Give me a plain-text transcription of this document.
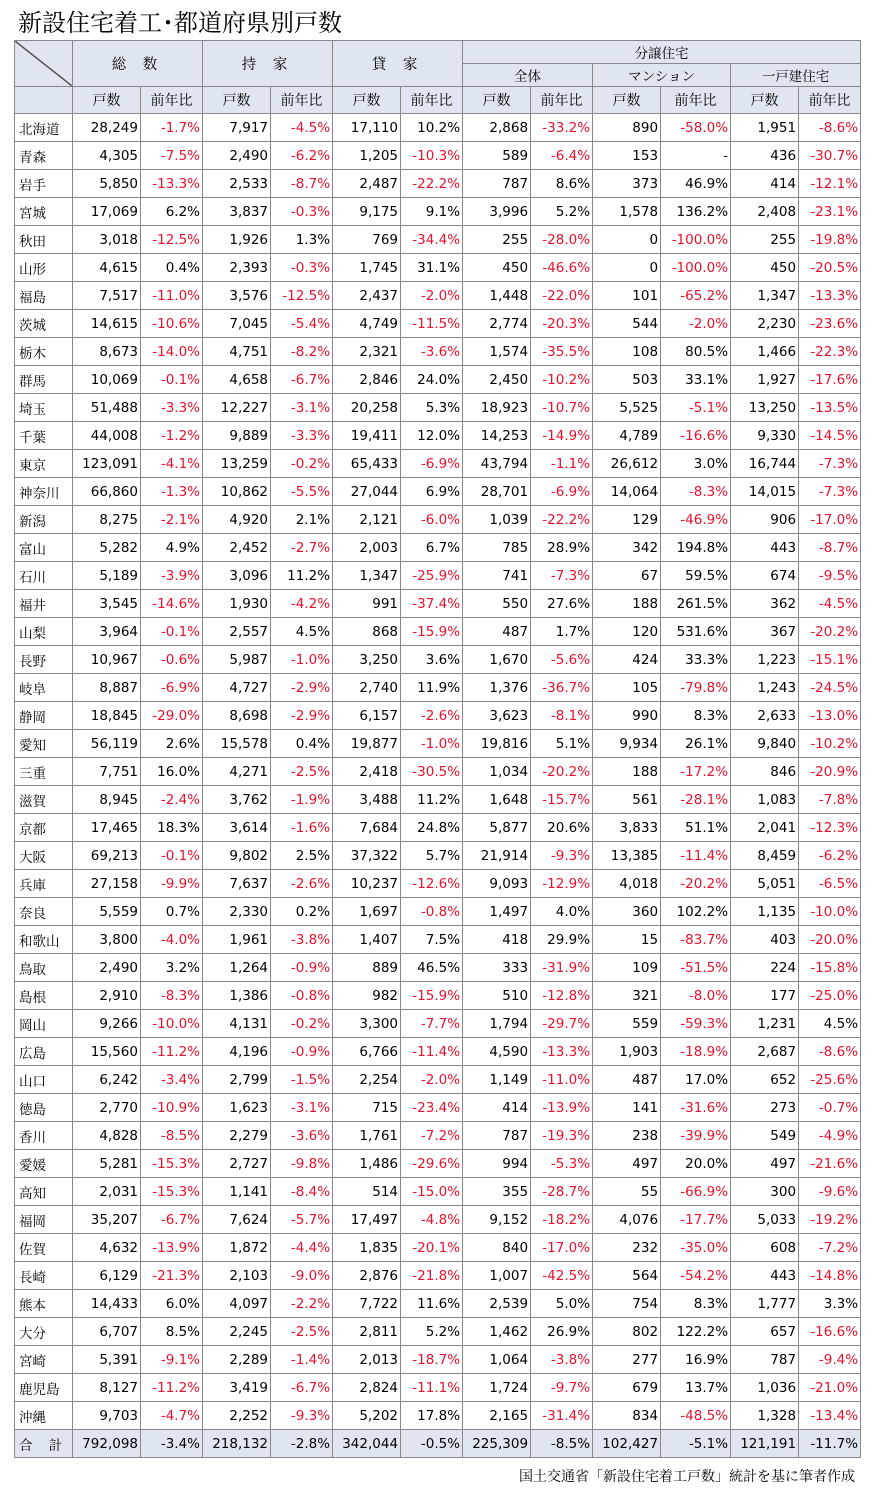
新設住宅着工･都道府県別戸数
	総 数		持 家		貸 家		分譲住宅					
							全体		マンション		一戸建住宅	
	戸数	前年比	戸数	前年比	戸数	前年比	戸数	前年比	戸数	前年比	戸数	前年比
北海道	28,249	-1.7%	7,917	-4.5%	17,110	10.2%	2,868	-33.2%	890	-58.0%	1,951	-8.6%
青森	4,305	-7.5%	2,490	-6.2%	1,205	-10.3%	589	-6.4%	153	-	436	-30.7%
岩手	5,850	-13.3%	2,533	-8.7%	2,487	-22.2%	787	8.6%	373	46.9%	414	-12.1%
宮城	17,069	6.2%	3,837	-0.3%	9,175	9.1%	3,996	5.2%	1,578	136.2%	2,408	-23.1%
秋田	3,018	-12.5%	1,926	1.3%	769	-34.4%	255	-28.0%	0	-100.0%	255	-19.8%
山形	4,615	0.4%	2,393	-0.3%	1,745	31.1%	450	-46.6%	0	-100.0%	450	-20.5%
福島	7,517	-11.0%	3,576	-12.5%	2,437	-2.0%	1,448	-22.0%	101	-65.2%	1,347	-13.3%
茨城	14,615	-10.6%	7,045	-5.4%	4,749	-11.5%	2,774	-20.3%	544	-2.0%	2,230	-23.6%
栃木	8,673	-14.0%	4,751	-8.2%	2,321	-3.6%	1,574	-35.5%	108	80.5%	1,466	-22.3%
群馬	10,069	-0.1%	4,658	-6.7%	2,846	24.0%	2,450	-10.2%	503	33.1%	1,927	-17.6%
埼玉	51,488	-3.3%	12,227	-3.1%	20,258	5.3%	18,923	-10.7%	5,525	-5.1%	13,250	-13.5%
千葉	44,008	-1.2%	9,889	-3.3%	19,411	12.0%	14,253	-14.9%	4,789	-16.6%	9,330	-14.5%
東京	123,091	-4.1%	13,259	-0.2%	65,433	-6.9%	43,794	-1.1%	26,612	3.0%	16,744	-7.3%
神奈川	66,860	-1.3%	10,862	-5.5%	27,044	6.9%	28,701	-6.9%	14,064	-8.3%	14,015	-7.3%
新潟	8,275	-2.1%	4,920	2.1%	2,121	-6.0%	1,039	-22.2%	129	-46.9%	906	-17.0%
富山	5,282	4.9%	2,452	-2.7%	2,003	6.7%	785	28.9%	342	194.8%	443	-8.7%
石川	5,189	-3.9%	3,096	11.2%	1,347	-25.9%	741	-7.3%	67	59.5%	674	-9.5%
福井	3,545	-14.6%	1,930	-4.2%	991	-37.4%	550	27.6%	188	261.5%	362	-4.5%
山梨	3,964	-0.1%	2,557	4.5%	868	-15.9%	487	1.7%	120	531.6%	367	-20.2%
長野	10,967	-0.6%	5,987	-1.0%	3,250	3.6%	1,670	-5.6%	424	33.3%	1,223	-15.1%
岐阜	8,887	-6.9%	4,727	-2.9%	2,740	11.9%	1,376	-36.7%	105	-79.8%	1,243	-24.5%
静岡	18,845	-29.0%	8,698	-2.9%	6,157	-2.6%	3,623	-8.1%	990	8.3%	2,633	-13.0%
愛知	56,119	2.6%	15,578	0.4%	19,877	-1.0%	19,816	5.1%	9,934	26.1%	9,840	-10.2%
三重	7,751	16.0%	4,271	-2.5%	2,418	-30.5%	1,034	-20.2%	188	-17.2%	846	-20.9%
滋賀	8,945	-2.4%	3,762	-1.9%	3,488	11.2%	1,648	-15.7%	561	-28.1%	1,083	-7.8%
京都	17,465	18.3%	3,614	-1.6%	7,684	24.8%	5,877	20.6%	3,833	51.1%	2,041	-12.3%
大阪	69,213	-0.1%	9,802	2.5%	37,322	5.7%	21,914	-9.3%	13,385	-11.4%	8,459	-6.2%
兵庫	27,158	-9.9%	7,637	-2.6%	10,237	-12.6%	9,093	-12.9%	4,018	-20.2%	5,051	-6.5%
奈良	5,559	0.7%	2,330	0.2%	1,697	-0.8%	1,497	4.0%	360	102.2%	1,135	-10.0%
和歌山	3,800	-4.0%	1,961	-3.8%	1,407	7.5%	418	29.9%	15	-83.7%	403	-20.0%
鳥取	2,490	3.2%	1,264	-0.9%	889	46.5%	333	-31.9%	109	-51.5%	224	-15.8%
島根	2,910	-8.3%	1,386	-0.8%	982	-15.9%	510	-12.8%	321	-8.0%	177	-25.0%
岡山	9,266	-10.0%	4,131	-0.2%	3,300	-7.7%	1,794	-29.7%	559	-59.3%	1,231	4.5%
広島	15,560	-11.2%	4,196	-0.9%	6,766	-11.4%	4,590	-13.3%	1,903	-18.9%	2,687	-8.6%
山口	6,242	-3.4%	2,799	-1.5%	2,254	-2.0%	1,149	-11.0%	487	17.0%	652	-25.6%
徳島	2,770	-10.9%	1,623	-3.1%	715	-23.4%	414	-13.9%	141	-31.6%	273	-0.7%
香川	4,828	-8.5%	2,279	-3.6%	1,761	-7.2%	787	-19.3%	238	-39.9%	549	-4.9%
愛媛	5,281	-15.3%	2,727	-9.8%	1,486	-29.6%	994	-5.3%	497	20.0%	497	-21.6%
高知	2,031	-15.3%	1,141	-8.4%	514	-15.0%	355	-28.7%	55	-66.9%	300	-9.6%
福岡	35,207	-6.7%	7,624	-5.7%	17,497	-4.8%	9,152	-18.2%	4,076	-17.7%	5,033	-19.2%
佐賀	4,632	-13.9%	1,872	-4.4%	1,835	-20.1%	840	-17.0%	232	-35.0%	608	-7.2%
長崎	6,129	-21.3%	2,103	-9.0%	2,876	-21.8%	1,007	-42.5%	564	-54.2%	443	-14.8%
熊本	14,433	6.0%	4,097	-2.2%	7,722	11.6%	2,539	5.0%	754	8.3%	1,777	3.3%
大分	6,707	8.5%	2,245	-2.5%	2,811	5.2%	1,462	26.9%	802	122.2%	657	-16.6%
宮崎	5,391	-9.1%	2,289	-1.4%	2,013	-18.7%	1,064	-3.8%	277	16.9%	787	-9.4%
鹿児島	8,127	-11.2%	3,419	-6.7%	2,824	-11.1%	1,724	-9.7%	679	13.7%	1,036	-21.0%
沖縄	9,703	-4.7%	2,252	-9.3%	5,202	17.8%	2,165	-31.4%	834	-48.5%	1,328	-13.4%
合 計	792,098	-3.4%	218,132	-2.8%	342,044	-0.5%	225,309	-8.5%	102,427	-5.1%	121,191	-11.7%
国土交通省「新設住宅着工戸数」統計を基に筆者作成
